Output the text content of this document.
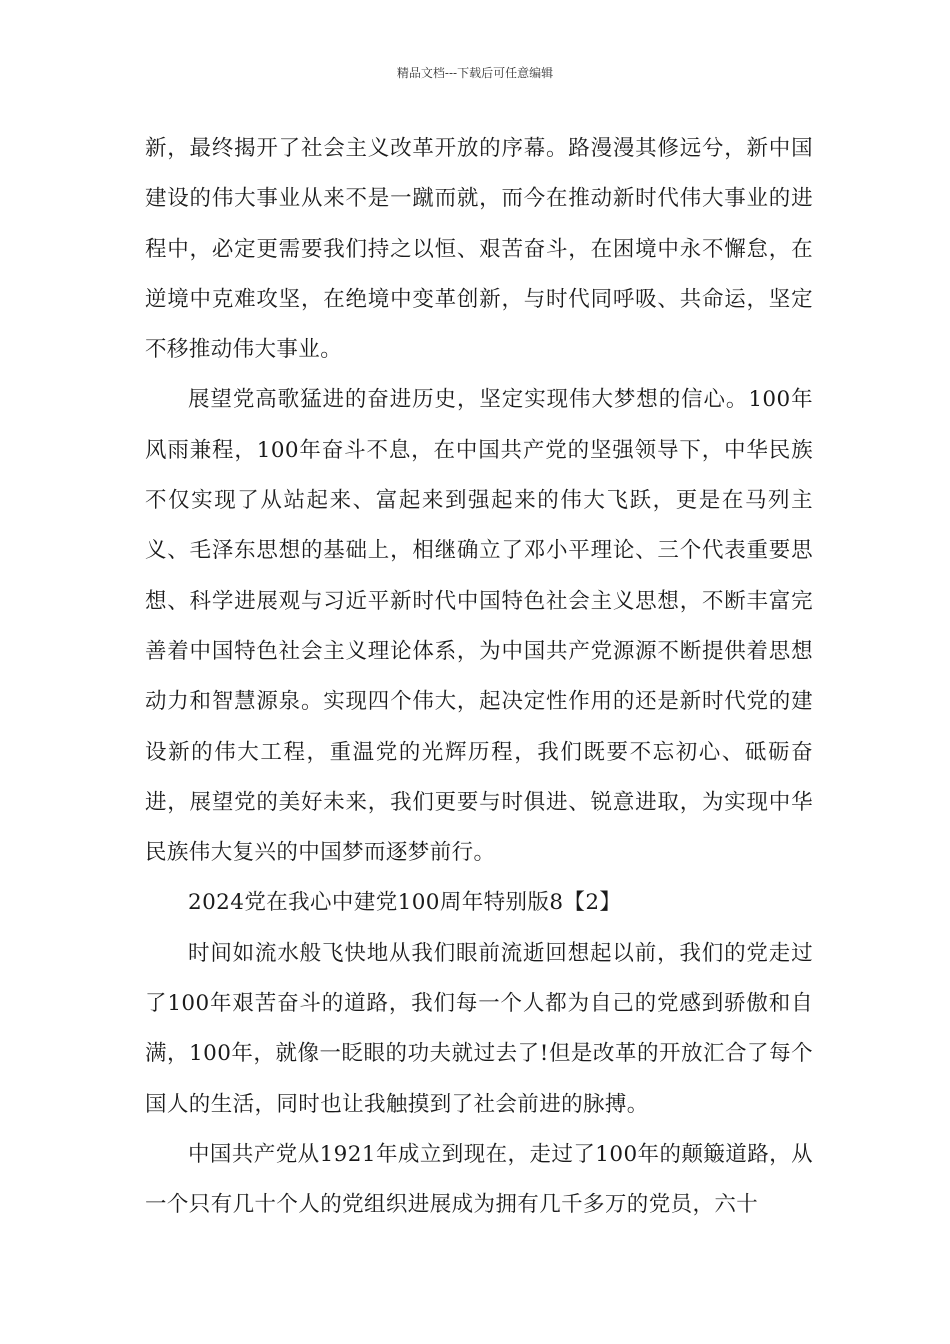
精品文档---下载后可任意编辑

新，最终揭开了社会主义改革开放的序幕。路漫漫其修远兮，新中国建设的伟大事业从来不是一蹴而就，而今在推动新时代伟大事业的进程中，必定更需要我们持之以恒、艰苦奋斗，在困境中永不懈怠，在逆境中克难攻坚，在绝境中变革创新，与时代同呼吸、共命运，坚定不移推动伟大事业。

展望党高歌猛进的奋进历史，坚定实现伟大梦想的信心。100年风雨兼程，100年奋斗不息，在中国共产党的坚强领导下，中华民族不仅实现了从站起来、富起来到强起来的伟大飞跃，更是在马列主义、毛泽东思想的基础上，相继确立了邓小平理论、三个代表重要思想、科学进展观与习近平新时代中国特色社会主义思想，不断丰富完善着中国特色社会主义理论体系，为中国共产党源源不断提供着思想动力和智慧源泉。实现四个伟大，起决定性作用的还是新时代党的建设新的伟大工程，重温党的光辉历程，我们既要不忘初心、砥砺奋进，展望党的美好未来，我们更要与时俱进、锐意进取，为实现中华民族伟大复兴的中国梦而逐梦前行。

2024党在我心中建党100周年特别版8【2】

时间如流水般飞快地从我们眼前流逝回想起以前，我们的党走过了100年艰苦奋斗的道路，我们每一个人都为自己的党感到骄傲和自满，100年，就像一眨眼的功夫就过去了!但是改革的开放汇合了每个国人的生活，同时也让我触摸到了社会前进的脉搏。

中国共产党从1921年成立到现在，走过了100年的颠簸道路，从一个只有几十个人的党组织进展成为拥有几千多万的党员，六十
